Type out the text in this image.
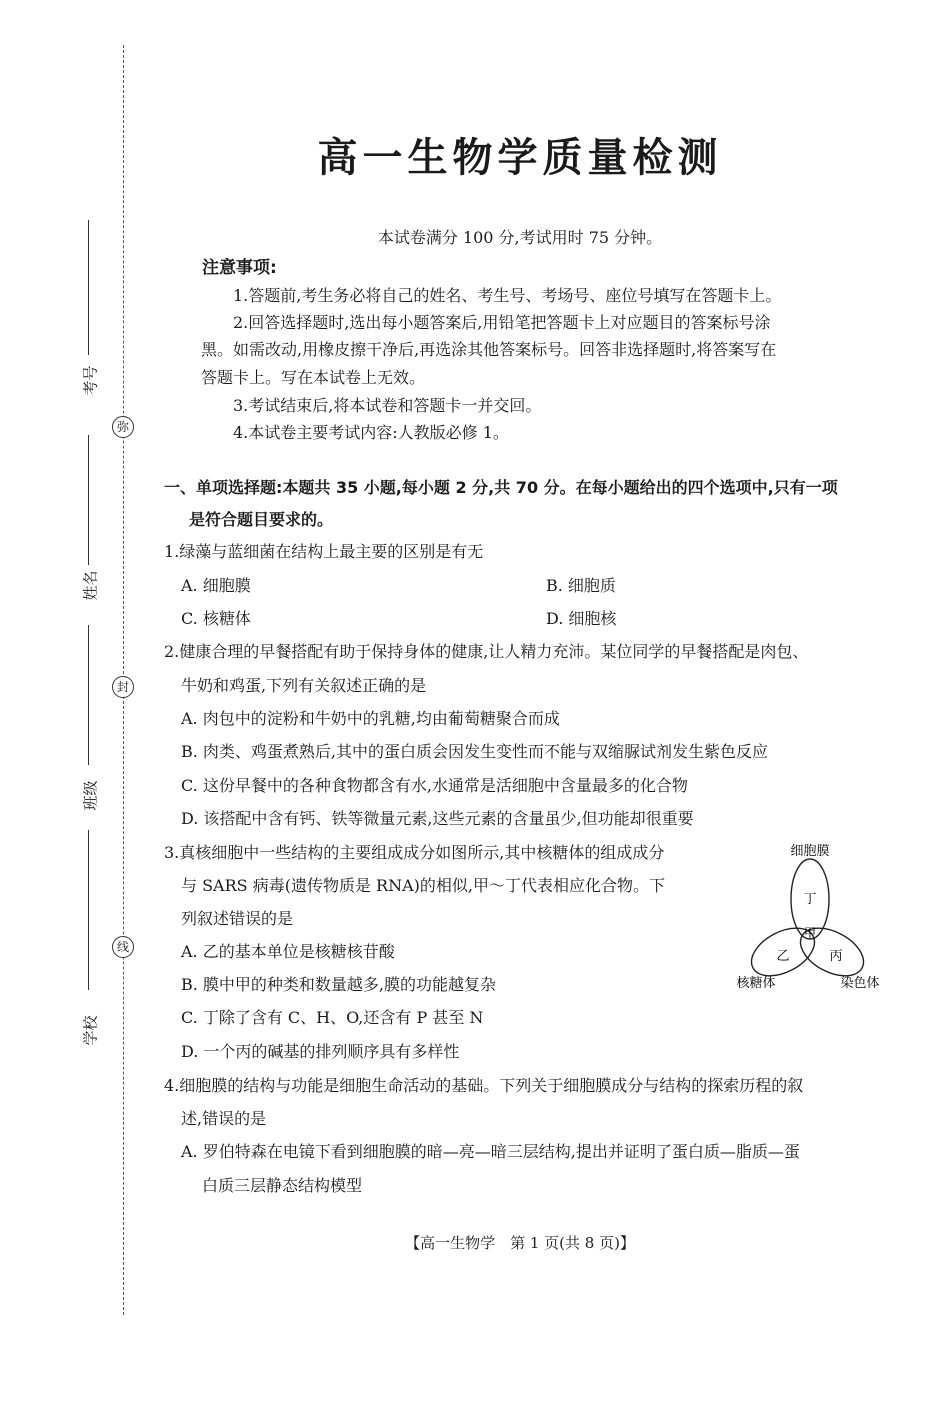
考号
姓名
班级
学校
弥
封
线
高一生物学质量检测
本试卷满分 100 分,考试用时 75 分钟。
注意事项:
1.答题前,考生务必将自己的姓名、考生号、考场号、座位号填写在答题卡上。
2.回答选择题时,选出每小题答案后,用铅笔把答题卡上对应题目的答案标号涂
黑。如需改动,用橡皮擦干净后,再选涂其他答案标号。回答非选择题时,将答案写在
答题卡上。写在本试卷上无效。
3.考试结束后,将本试卷和答题卡一并交回。
4.本试卷主要考试内容:人教版必修 1。
一、单项选择题:本题共 35 小题,每小题 2 分,共 70 分。在每小题给出的四个选项中,只有一项
是符合题目要求的。
1.绿藻与蓝细菌在结构上最主要的区别是有无
A. 细胞膜	B. 细胞质
C. 核糖体	D. 细胞核
2.健康合理的早餐搭配有助于保持身体的健康,让人精力充沛。某位同学的早餐搭配是肉包、
牛奶和鸡蛋,下列有关叙述正确的是
A. 肉包中的淀粉和牛奶中的乳糖,均由葡萄糖聚合而成
B. 肉类、鸡蛋煮熟后,其中的蛋白质会因发生变性而不能与双缩脲试剂发生紫色反应
C. 这份早餐中的各种食物都含有水,水通常是活细胞中含量最多的化合物
D. 该搭配中含有钙、铁等微量元素,这些元素的含量虽少,但功能却很重要
3.真核细胞中一些结构的主要组成成分如图所示,其中核糖体的组成成分
与 SARS 病毒(遗传物质是 RNA)的相似,甲～丁代表相应化合物。下
列叙述错误的是
A. 乙的基本单位是核糖核苷酸
B. 膜中甲的种类和数量越多,膜的功能越复杂
C. 丁除了含有 C、H、O,还含有 P 甚至 N
D. 一个丙的碱基的排列顺序具有多样性
细胞膜
丁
甲
乙	丙
核糖体	染色体
4.细胞膜的结构与功能是细胞生命活动的基础。下列关于细胞膜成分与结构的探索历程的叙
述,错误的是
A. 罗伯特森在电镜下看到细胞膜的暗—亮—暗三层结构,提出并证明了蛋白质—脂质—蛋
白质三层静态结构模型
【高一生物学　第 1 页(共 8 页)】
